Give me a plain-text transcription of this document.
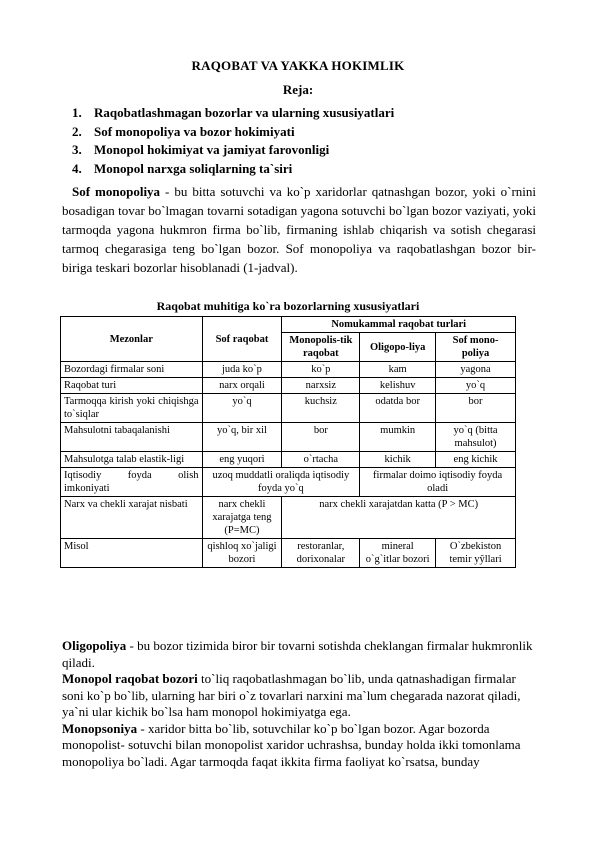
RAQOBAT VA YAKKA HOKIMLIK
Reja:
1. Raqobatlashmagan bozorlar va ularning xususiyatlari
2. Sof monopoliya va bozor hokimiyati
3. Monopol hokimiyat va jamiyat farovonligi
4. Monopol narxga soliqlarning ta`siri
Sof monopoliya - bu bitta sotuvchi va ko`p xaridorlar qatnashgan bozor, yoki o`rnini bosadigan tovar bo`lmagan tovarni sotadigan yagona sotuvchi bo`lgan bozor vaziyati, yoki tarmoqda yagona hukmron firma bo`lib, firmaning ishlab chiqarish va sotish chegarasi tarmoq chegarasiga teng bo`lgan bozor. Sof monopoliya va raqobatlashgan bozor bir-biriga teskari bozorlar hisoblanadi (1-jadval).
Raqobat muhitiga ko`ra bozorlarning xususiyatlari
Mezonlar	Sof raqobat	Nomukammal raqobat turlari		
		Monopolis-tik raqobat	Oligopo-liya	Sof mono-poliya
Bozordagi firmalar soni	juda ko`p	ko`p	kam	yagona
Raqobat turi	narx orqali	narxsiz	kelishuv	yo`q
Tarmoqqa kirish yoki chiqishga to`siqlar	yo`q	kuchsiz	odatda bor	bor
Mahsulotni tabaqalanishi	yo`q, bir xil	bor	mumkin	yo`q (bitta mahsulot)
Mahsulotga talab elastik-ligi	eng yuqori	o`rtacha	kichik	eng kichik
Iqtisodiy foyda olish imkoniyati	uzoq muddatli oraliqda iqtisodiy foyda yo`q		firmalar doimo iqtisodiy foyda oladi	
Narx va chekli xarajat nisbati	narx chekli xarajatga teng (P=MC)	narx chekli xarajatdan katta (P > MC)		
Misol	qishloq xo`jaligi bozori	restoranlar, dorixonalar	mineral o`g`itlar bozori	O`zbekiston temir yŷllari

Oligopoliya - bu bozor tizimida biror bir tovarni sotishda cheklangan firmalar hukmronlik qiladi.

Monopol raqobat bozori to`liq raqobatlashmagan bo`lib, unda qatnashadigan firmalar soni ko`p bo`lib, ularning har biri o`z tovarlari narxini ma`lum chegarada nazorat qiladi, ya`ni ular kichik bo`lsa ham monopol hokimiyatga ega.

Monopsoniya - xaridor bitta bo`lib, sotuvchilar ko`p bo`lgan bozor. Agar bozorda monopolist- sotuvchi bilan monopolist xaridor uchrashsa, bunday holda ikki tomonlama monopoliya bo`ladi. Agar tarmoqda faqat ikkita firma faoliyat ko`rsatsa, bunday
